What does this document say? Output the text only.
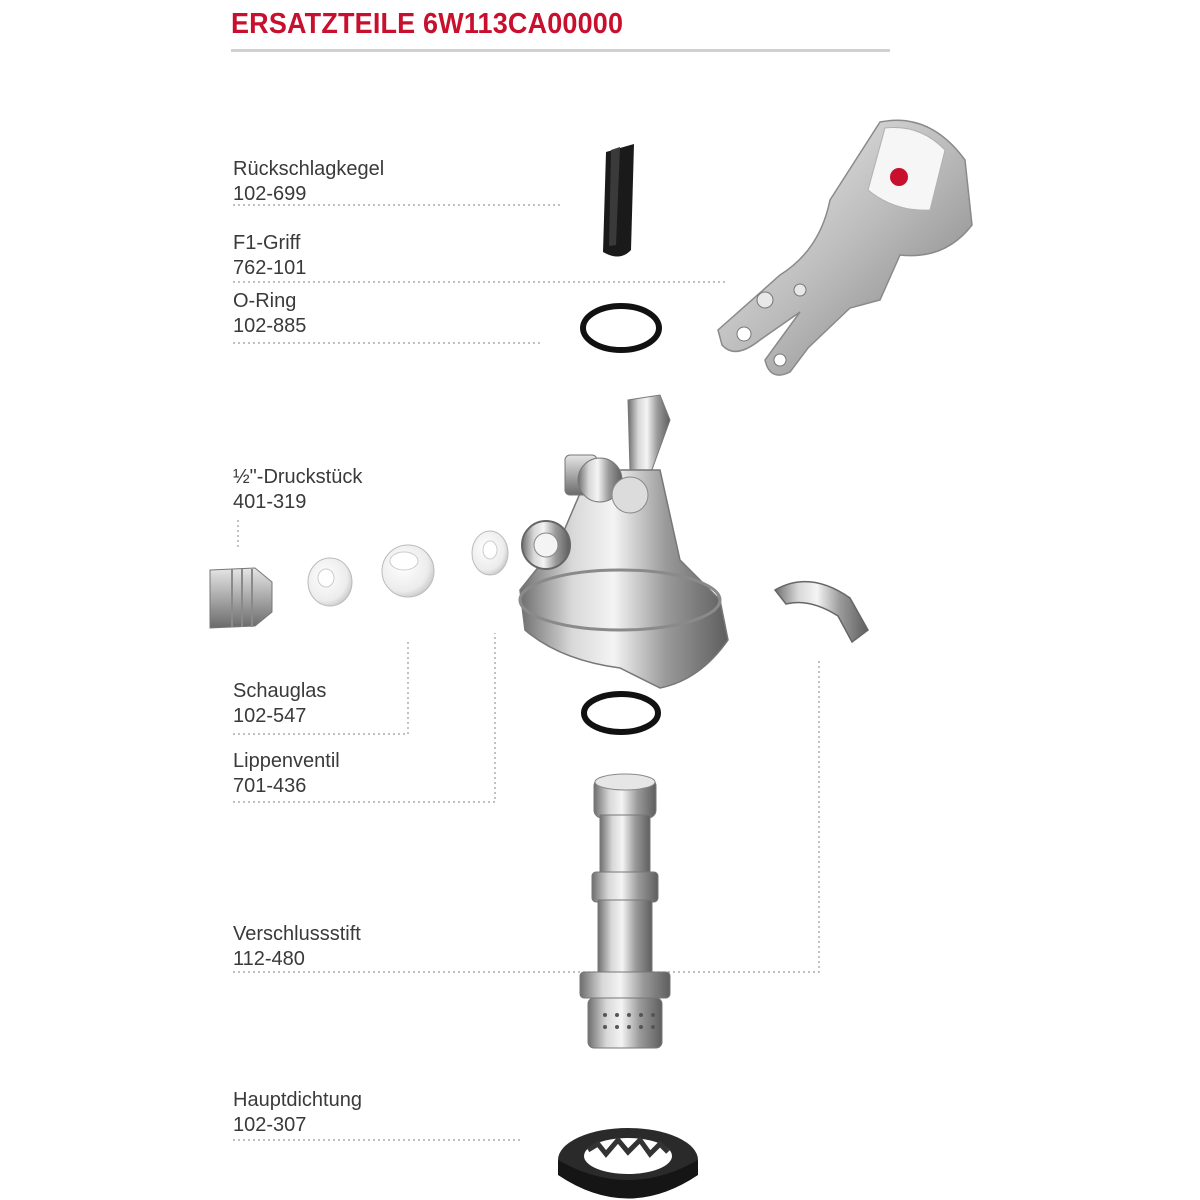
ERSATZTEILE 6W113CA00000
Rückschlagkegel
102-699
F1-Griff
762-101
O-Ring
102-885
½"-Druckstück
401-319
Schauglas
102-547
Lippenventil
701-436
Verschlussstift
112-480
Hauptdichtung
102-307
